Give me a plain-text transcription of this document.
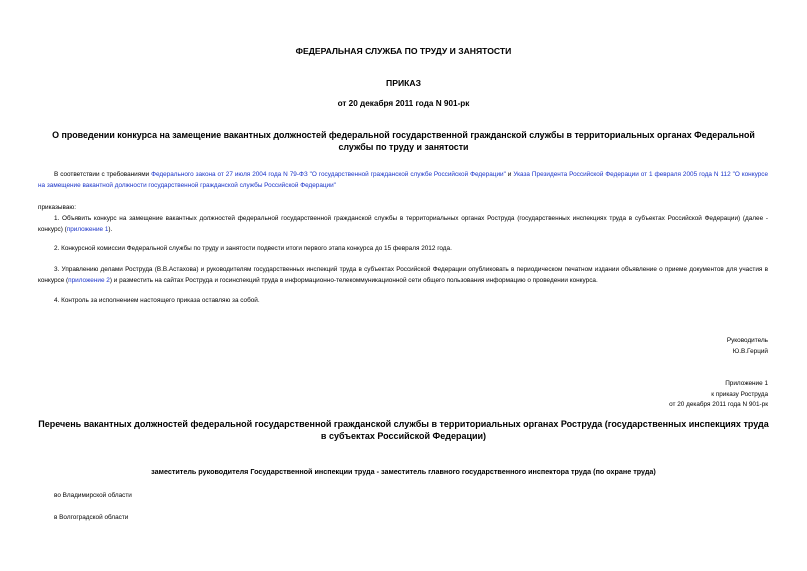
ФЕДЕРАЛЬНАЯ СЛУЖБА ПО ТРУДУ И ЗАНЯТОСТИ
ПРИКАЗ
от 20 декабря 2011 года N 901-рк
О проведении конкурса на замещение вакантных должностей федеральной государственной гражданской службы в территориальных органах Федеральной службы по труду и занятости
В соответствии с требованиями Федерального закона от 27 июля 2004 года N 79-ФЗ "О государственной гражданской службе Российской Федерации" и Указа Президента Российской Федерации от 1 февраля 2005 года N 112 "О конкурсе на замещение вакантной должности государственной гражданской службы Российской Федерации"
приказываю:
1. Объявить конкурс на замещение вакантных должностей федеральной государственной гражданской службы в территориальных органах Роструда (государственных инспекциях труда в субъектах Российской Федерации) (далее - конкурс) (приложение 1).
2. Конкурсной комиссии Федеральной службы по труду и занятости подвести итоги первого этапа конкурса до 15 февраля 2012 года.
3. Управлению делами Роструда (В.В.Астахова) и руководителям государственных инспекций труда в субъектах Российской Федерации опубликовать в периодическом печатном издании объявление о приеме документов для участия в конкурсе (приложение 2) и разместить на сайтах Роструда и госинспекций труда в информационно-телекоммуникационной сети общего пользования информацию о проведении конкурса.
4. Контроль за исполнением настоящего приказа оставляю за собой.
Руководитель
Ю.В.Герций
Приложение 1
к приказу Роструда
от 20 декабря 2011 года N 901-рк
Перечень вакантных должностей федеральной государственной гражданской службы в территориальных органах Роструда (государственных инспекциях труда в субъектах Российской Федерации)
заместитель руководителя Государственной инспекции труда - заместитель главного государственного инспектора труда (по охране труда)
во Владимирской области
в Волгоградской области
